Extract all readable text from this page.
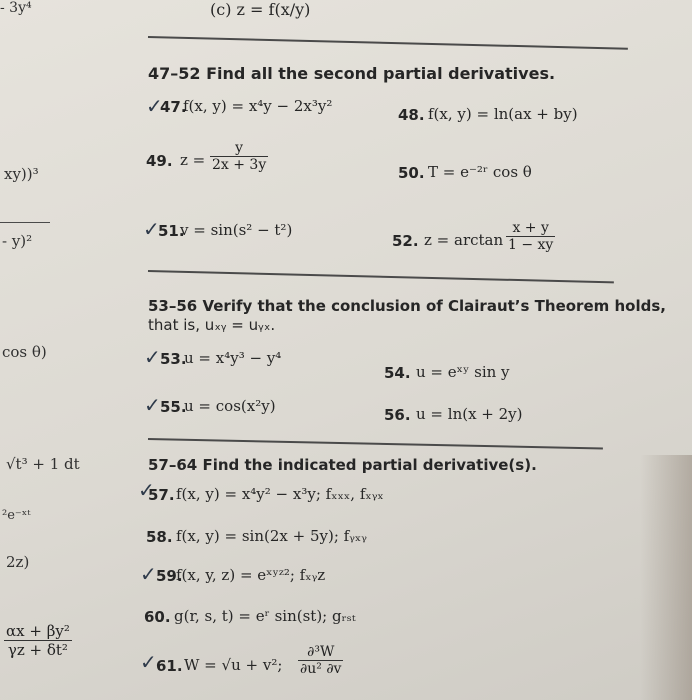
- 3y⁴
xy))³
- y)²
cos θ)
√t³ + 1 dt
²e⁻ˣᵗ
2z)
$\frac{\text{αx + βy²}}{\text{γz + δt²}}$
(c) z = f(x/y)
47–52 Find all the second partial derivatives.
✓
47.
f(x, y) = x⁴y − 2x³y²	48. f(x, y) = ln(ax + by)
49. $z = \frac{y}{2x + 3y}$	50. T = e⁻²ʳ cos θ
✓
51.
v = sin(s² − t²)
52. $z = \arctan \frac{x + y}{1 - xy}$
53–56 Verify that the conclusion of Clairaut’s Theorem holds,
that is, uₓᵧ = uᵧₓ.
✓ 53.
u = x⁴y³ − y⁴
54. u = eˣʸ sin y
✓ 55.
u = cos(x²y)	56. u = ln(x + 2y)
57–64 Find the indicated partial derivative(s).
✓
57. f(x, y) = x⁴y² − x³y; fₓₓₓ, fₓᵧₓ
58. f(x, y) = sin(2x + 5y); fᵧₓᵧ
✓ 59.
f(x, y, z) = eˣʸᶻ²; fₓᵧz
60. g(r, s, t) = eʳ sin(st); gᵣₛₜ
✓ 61. W = √u + v²; $\frac{\text{∂³W}}{\text{∂u² ∂v}}$
